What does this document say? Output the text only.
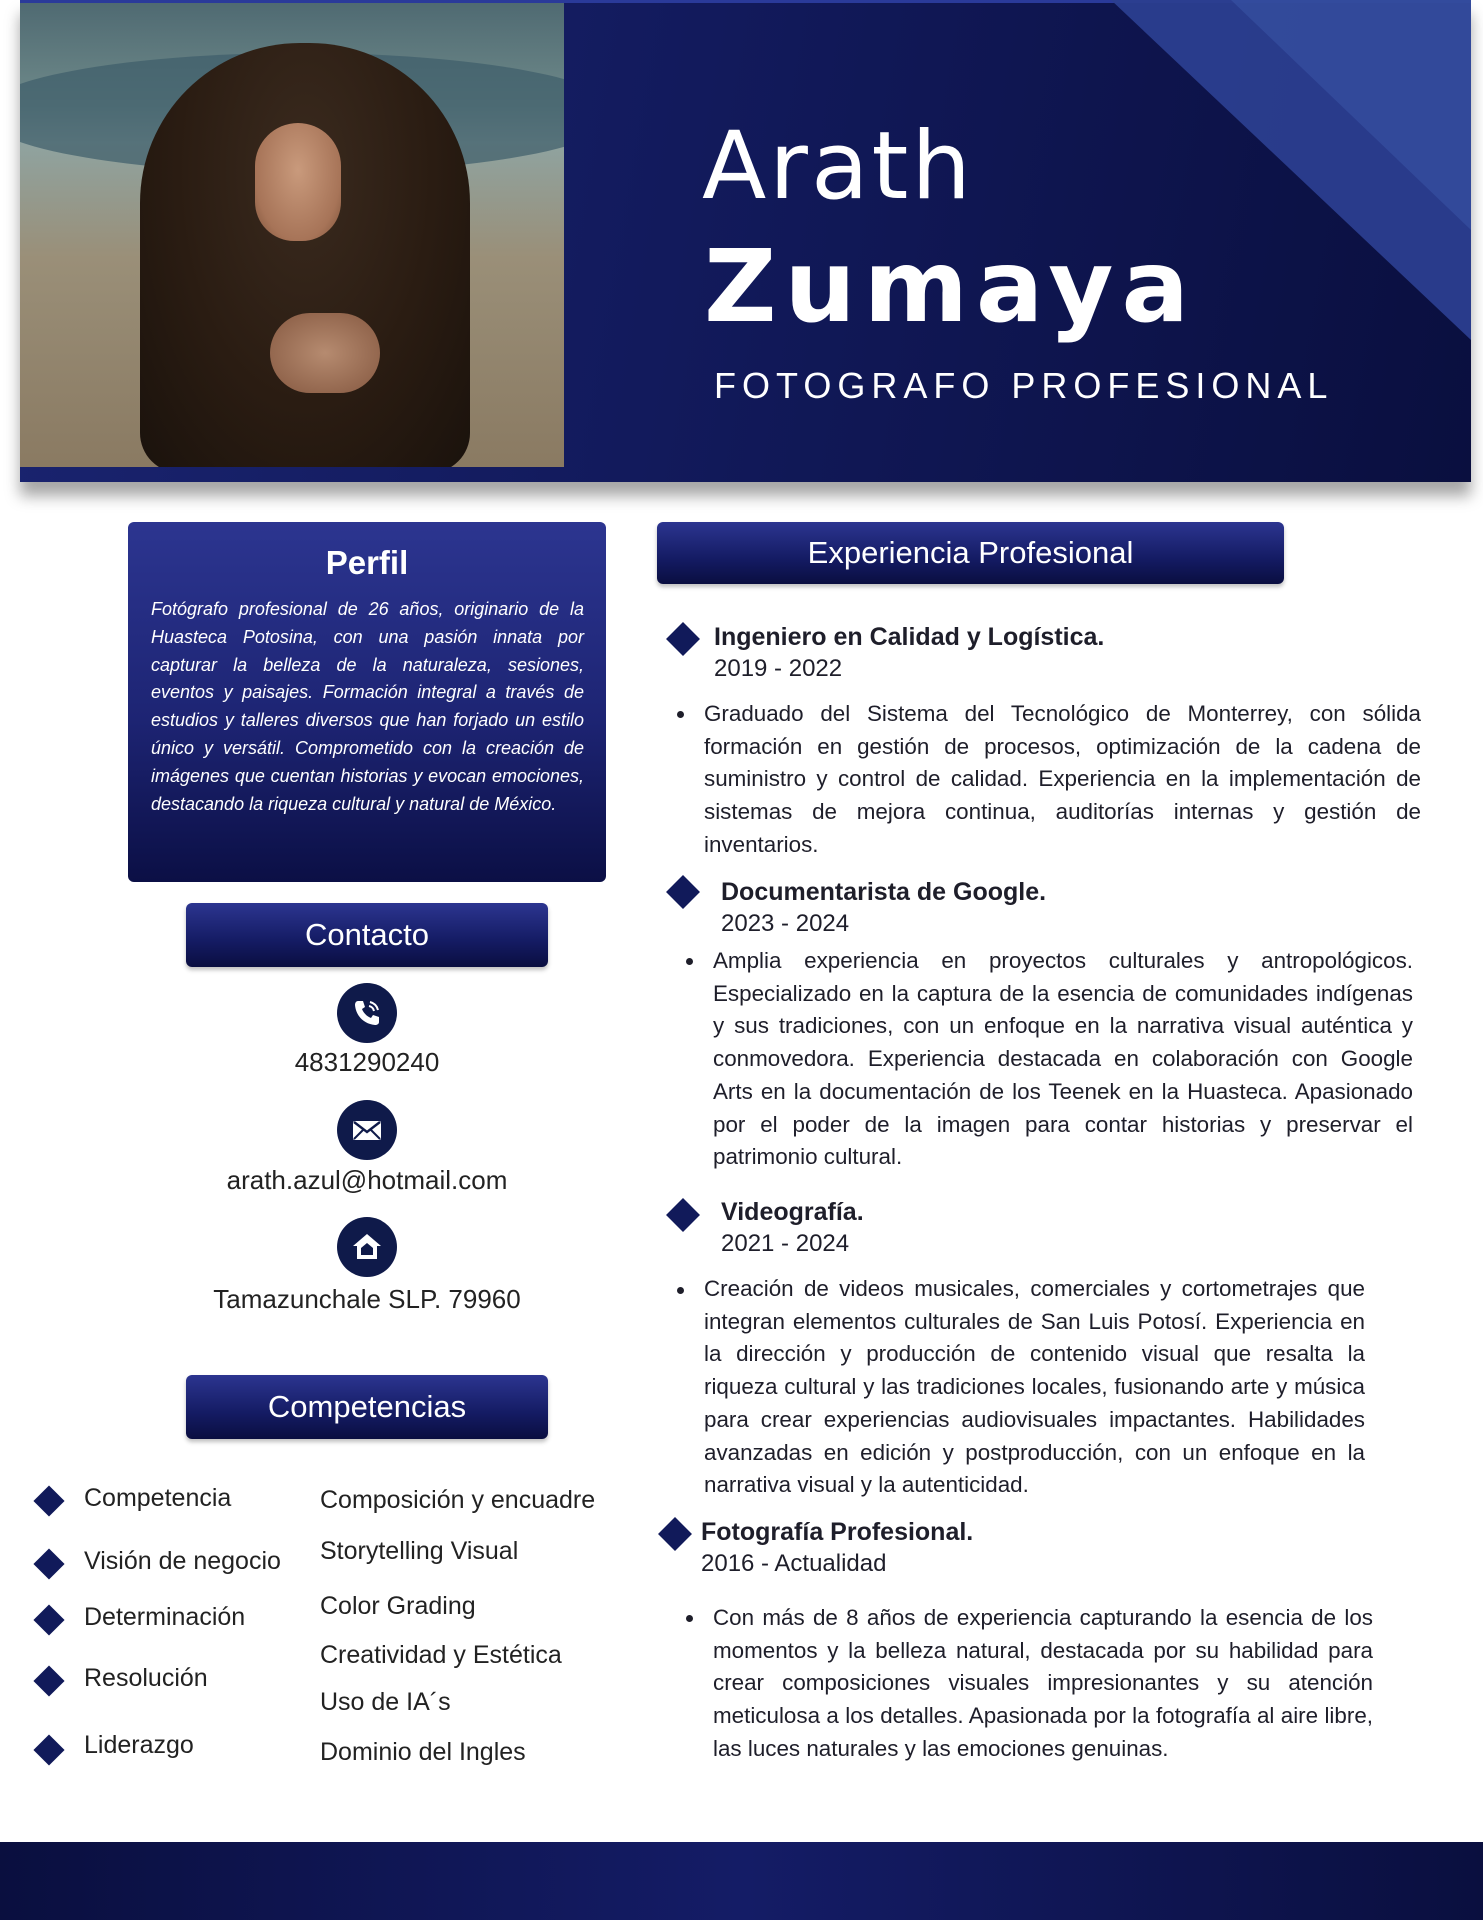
Arath
Zumaya
FOTOGRAFO PROFESIONAL
Perfil

Fotógrafo profesional de 26 años, originario de la Huasteca Potosina, con una pasión innata por capturar la belleza de la naturaleza, sesiones, eventos y paisajes. Formación integral a través de estudios y talleres diversos que han forjado un estilo único y versátil. Comprometido con la creación de imágenes que cuentan historias y evocan emociones, destacando la riqueza cultural y natural de México.

Contacto
4831290240
arath.azul@hotmail.com
Tamazunchale SLP. 79960
Competencias
Competencia
Visión de negocio
Determinación
Resolución
Liderazgo
Composición y encuadre
Storytelling Visual
Color Grading
Creatividad y Estética
Uso de IA´s
Dominio del Ingles
Experiencia Profesional
Ingeniero en Calidad y Logística.
2019 - 2022

Graduado del Sistema del Tecnológico de Monterrey, con sólida formación en gestión de procesos, optimización de la cadena de suministro y control de calidad. Experiencia en la implementación de sistemas de mejora continua, auditorías internas y gestión de inventarios.

Documentarista de Google.
2023 - 2024

Amplia experiencia en proyectos culturales y antropológicos. Especializado en la captura de la esencia de comunidades indígenas y sus tradiciones, con un enfoque en la narrativa visual auténtica y conmovedora. Experiencia destacada en colaboración con Google Arts en la documentación de los Teenek en la Huasteca. Apasionado por el poder de la imagen para contar historias y preservar el patrimonio cultural.

Videografía.
2021 - 2024

Creación de videos musicales, comerciales y cortometrajes que integran elementos culturales de San Luis Potosí. Experiencia en la dirección y producción de contenido visual que resalta la riqueza cultural y las tradiciones locales, fusionando arte y música para crear experiencias audiovisuales impactantes. Habilidades avanzadas en edición y postproducción, con un enfoque en la narrativa visual y la autenticidad.

Fotografía Profesional.
2016 - Actualidad

Con más de 8 años de experiencia capturando la esencia de los momentos y la belleza natural, destacada por su habilidad para crear composiciones visuales impresionantes y su atención meticulosa a los detalles. Apasionada por la fotografía al aire libre, las luces naturales y las emociones genuinas.
